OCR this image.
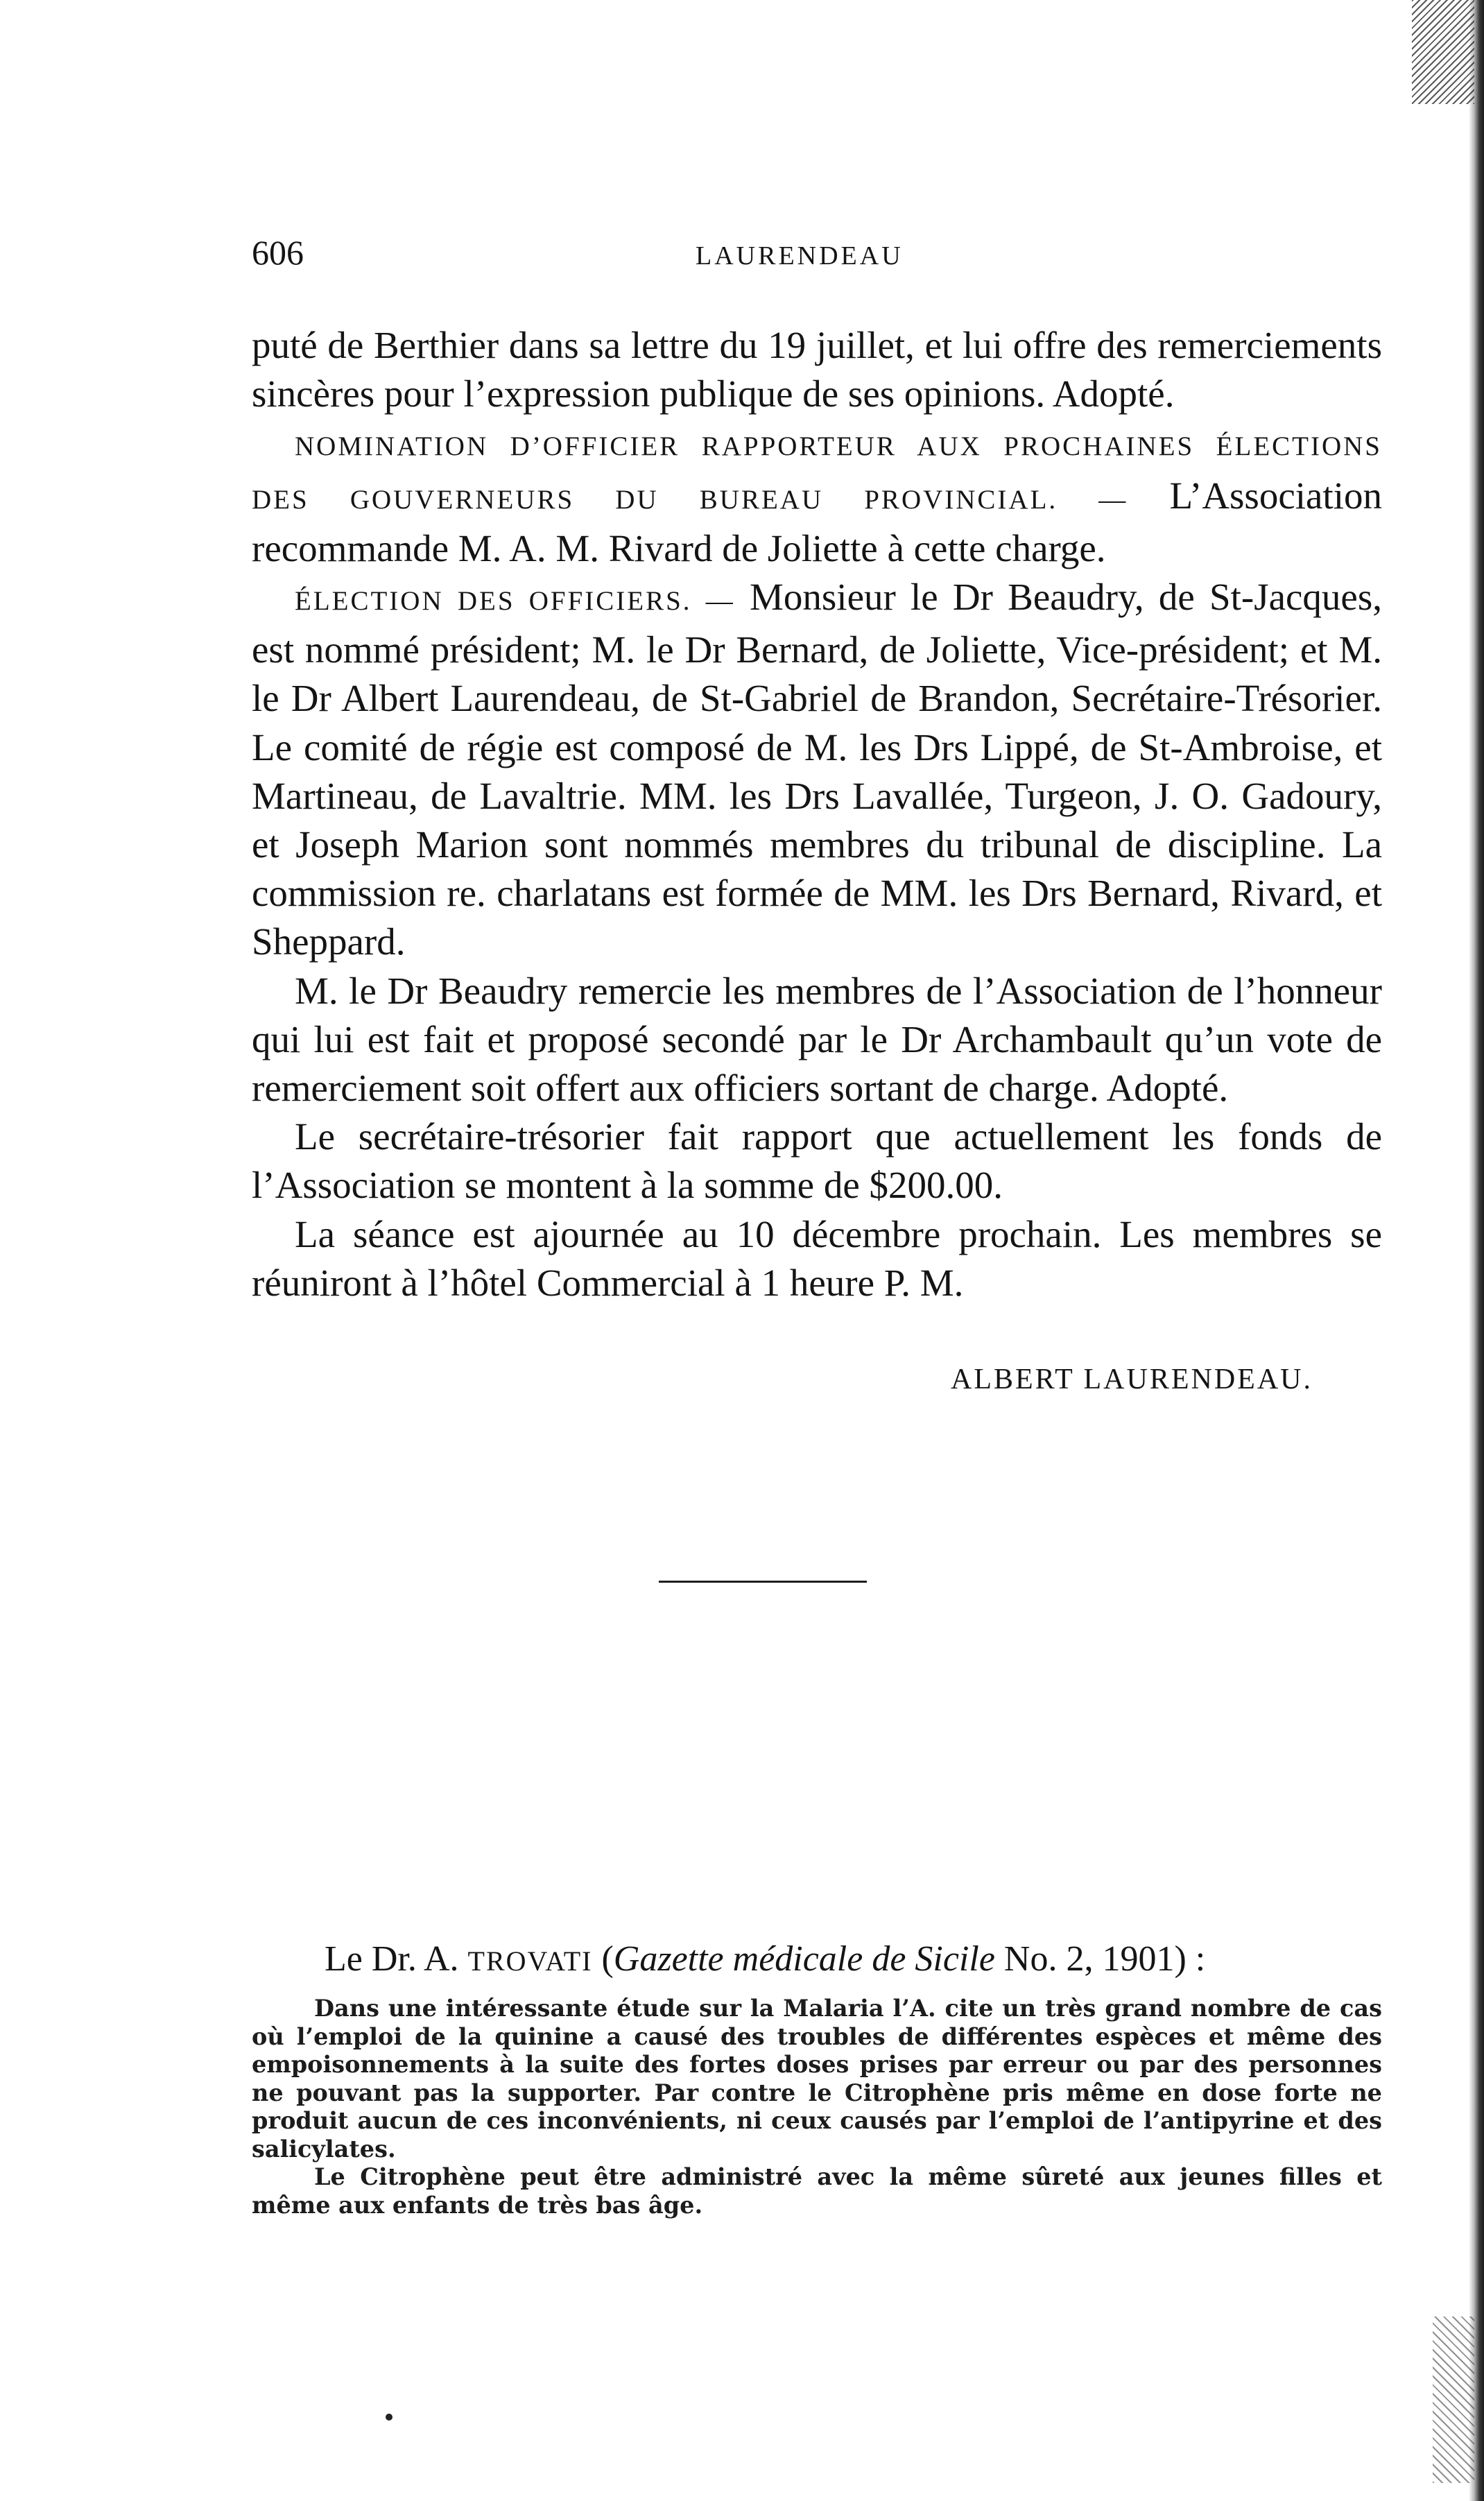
606	LAURENDEAU

puté de Berthier dans sa lettre du 19 juillet, et lui offre des remerciements sincères pour l’expression publique de ses opinions. Adopté.

NOMINATION D’OFFICIER RAPPORTEUR AUX PROCHAINES ÉLECTIONS DES GOUVERNEURS DU BUREAU PROVINCIAL. — L’Association recommande M. A. M. Rivard de Joliette à cette charge.

ÉLECTION DES OFFICIERS. — Monsieur le Dr Beaudry, de St-Jacques, est nommé président; M. le Dr Bernard, de Joliette, Vice-président; et M. le Dr Albert Laurendeau, de St-Gabriel de Brandon, Secrétaire-Trésorier. Le comité de régie est composé de M. les Drs Lippé, de St-Ambroise, et Martineau, de Lavaltrie. MM. les Drs Lavallée, Turgeon, J. O. Gadoury, et Joseph Marion sont nommés membres du tribunal de discipline. La commission re. charlatans est formée de MM. les Drs Bernard, Rivard, et Sheppard.

M. le Dr Beaudry remercie les membres de l’Association de l’honneur qui lui est fait et proposé secondé par le Dr Archambault qu’un vote de remerciement soit offert aux officiers sortant de charge. Adopté.

Le secrétaire-trésorier fait rapport que actuellement les fonds de l’Association se montent à la somme de $200.00.

La séance est ajournée au 10 décembre prochain. Les membres se réuniront à l’hôtel Commercial à 1 heure P. M.

ALBERT LAURENDEAU.

Le Dr. A. TROVATI (Gazette médicale de Sicile No. 2, 1901) :

Dans une intéressante étude sur la Malaria l’A. cite un très grand nombre de cas où l’emploi de la quinine a causé des troubles de différentes espèces et même des empoisonnements à la suite des fortes doses prises par erreur ou par des personnes ne pouvant pas la supporter. Par contre le Citrophène pris même en dose forte ne produit aucun de ces inconvénients, ni ceux causés par l’emploi de l’antipyrine et des salicylates.

Le Citrophène peut être administré avec la même sûreté aux jeunes filles et même aux enfants de très bas âge.
